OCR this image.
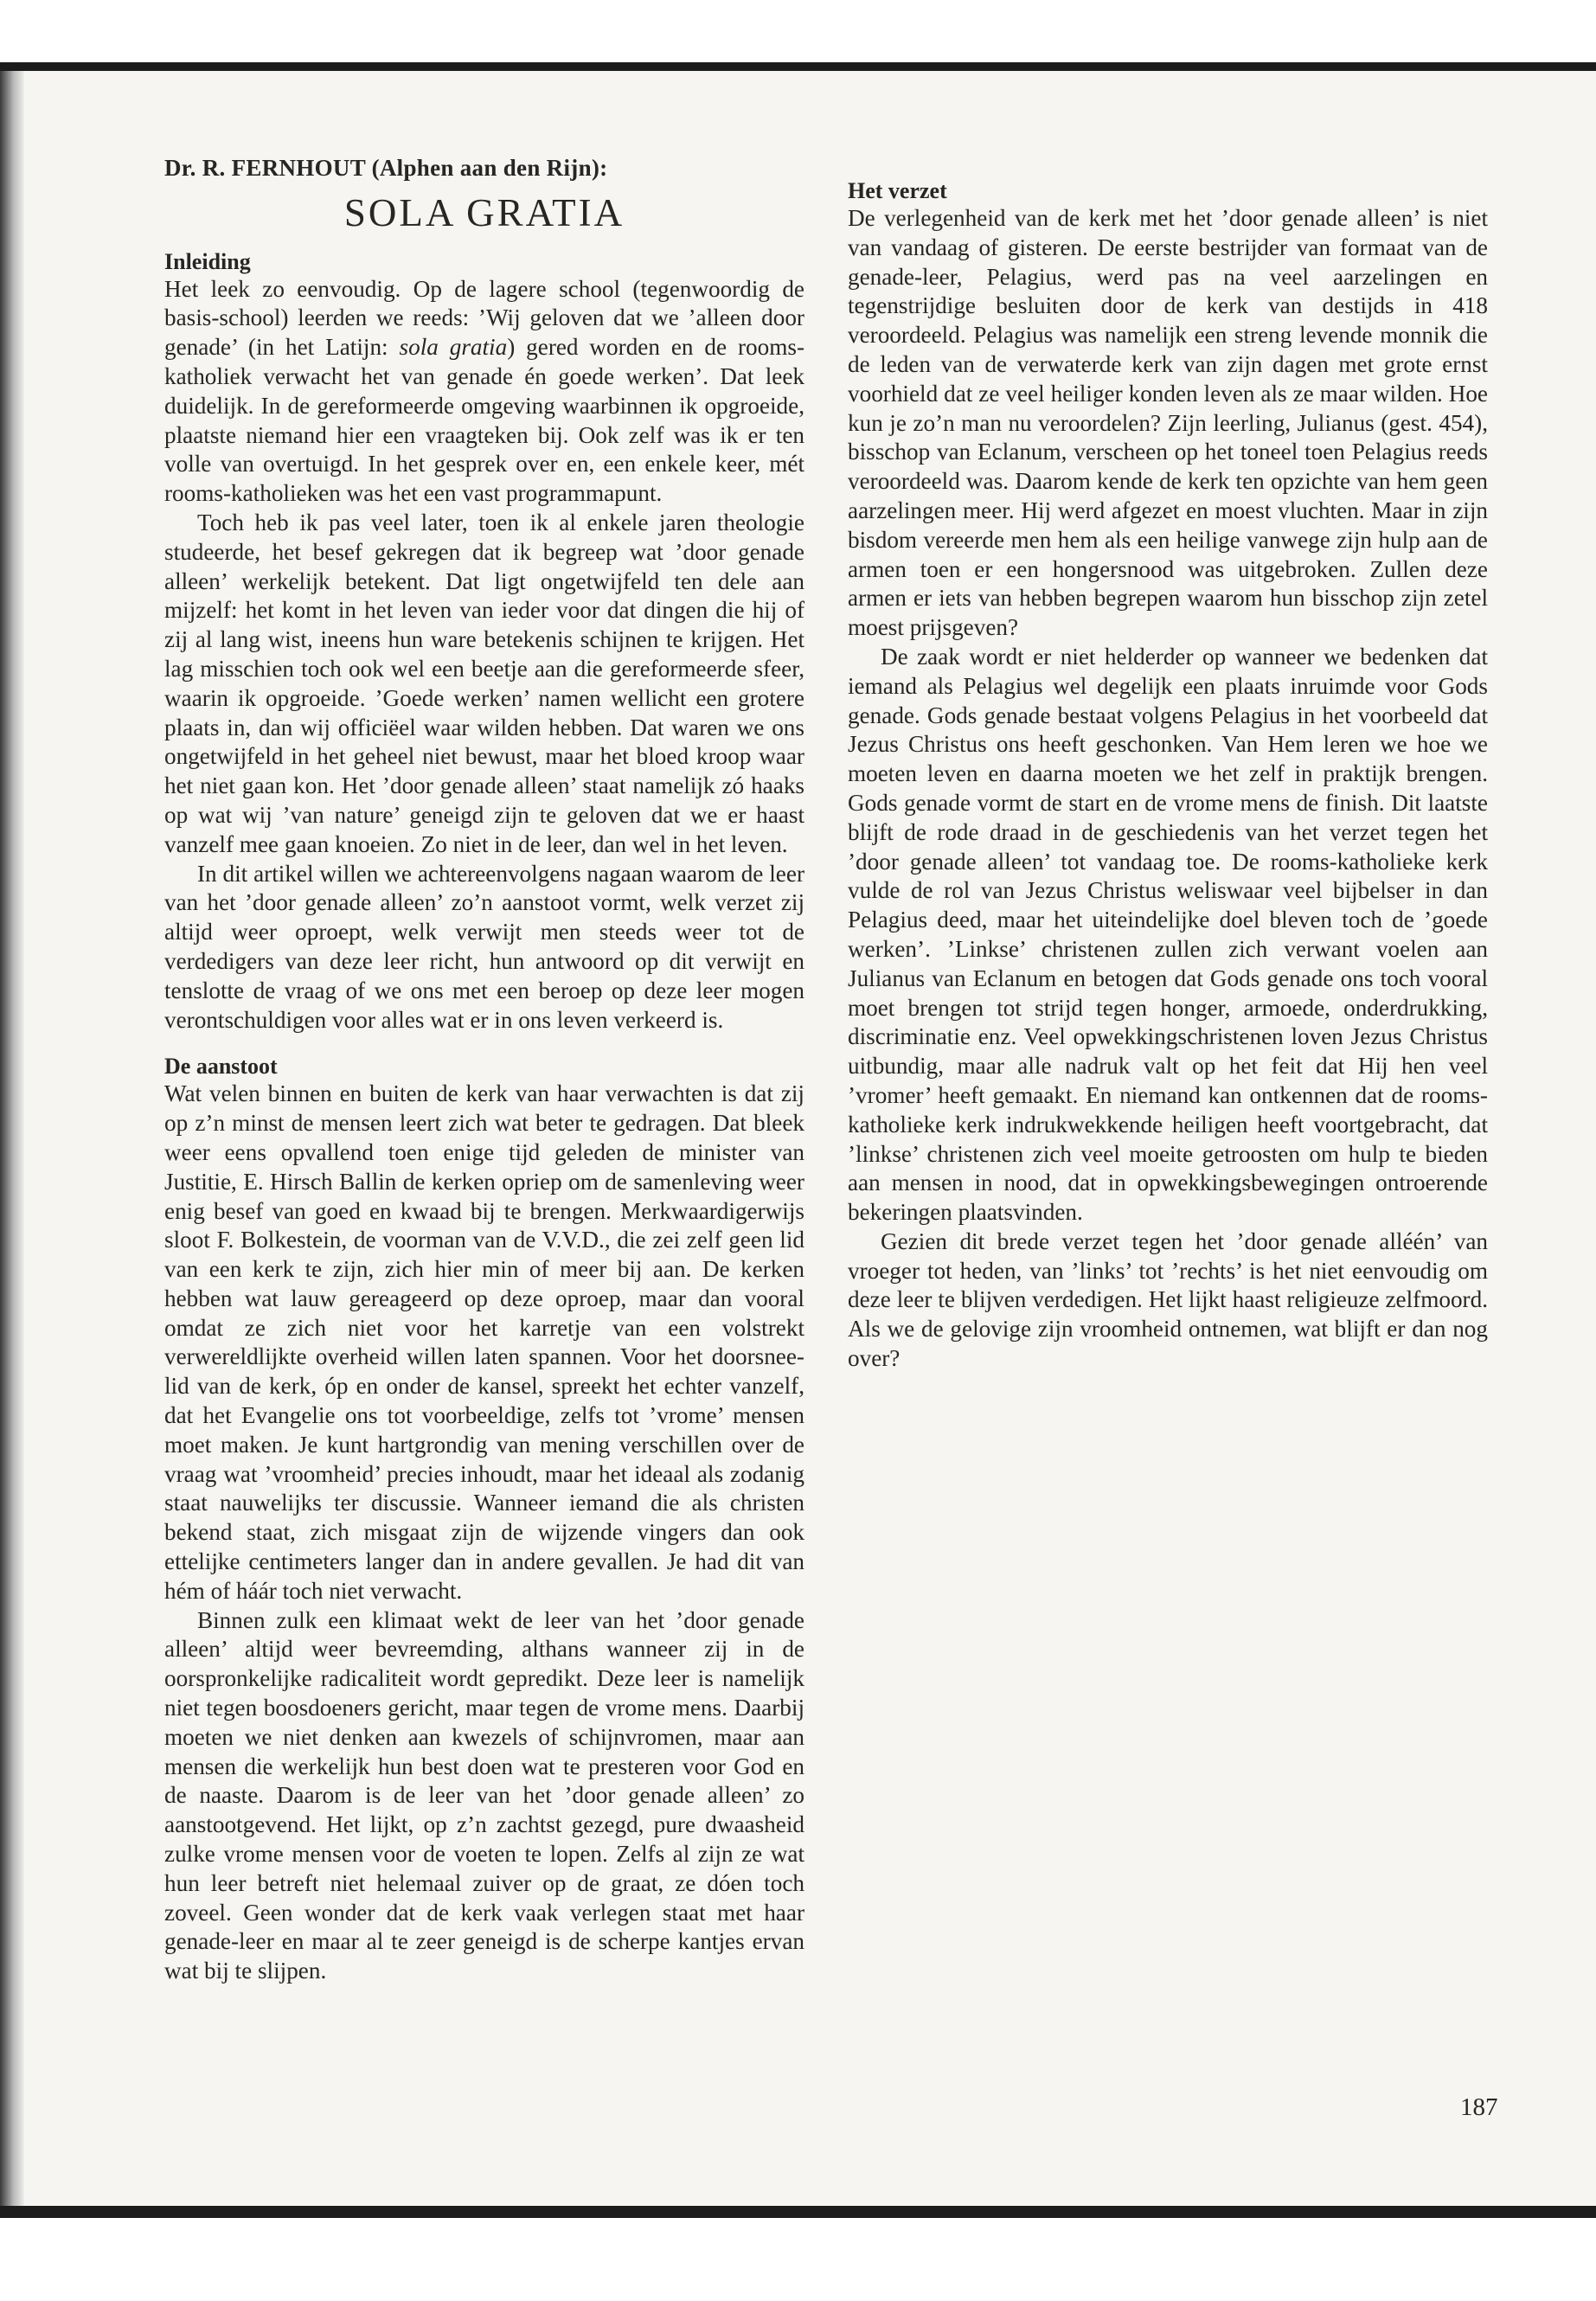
Dr. R. FERNHOUT (Alphen aan den Rijn):
SOLA GRATIA
Inleiding

Het leek zo eenvoudig. Op de lagere school (tegenwoordig de basis-school) leerden we reeds: ’Wij geloven dat we ’alleen door genade’ (in het Latijn: sola gratia) gered worden en de rooms-katholiek verwacht het van genade én goede werken’. Dat leek duidelijk. In de gereformeerde omgeving waarbinnen ik opgroeide, plaatste niemand hier een vraagteken bij. Ook zelf was ik er ten volle van overtuigd. In het gesprek over en, een enkele keer, mét rooms-katholieken was het een vast programmapunt.

Toch heb ik pas veel later, toen ik al enkele jaren theologie studeerde, het besef gekregen dat ik begreep wat ’door genade alleen’ werkelijk betekent. Dat ligt ongetwijfeld ten dele aan mijzelf: het komt in het leven van ieder voor dat dingen die hij of zij al lang wist, ineens hun ware betekenis schijnen te krijgen. Het lag misschien toch ook wel een beetje aan die gereformeerde sfeer, waarin ik opgroeide. ’Goede werken’ namen wellicht een grotere plaats in, dan wij officiëel waar wilden hebben. Dat waren we ons ongetwijfeld in het geheel niet bewust, maar het bloed kroop waar het niet gaan kon. Het ’door genade alleen’ staat namelijk zó haaks op wat wij ’van nature’ geneigd zijn te geloven dat we er haast vanzelf mee gaan knoeien. Zo niet in de leer, dan wel in het leven.

In dit artikel willen we achtereenvolgens nagaan waarom de leer van het ’door genade alleen’ zo’n aanstoot vormt, welk verzet zij altijd weer oproept, welk verwijt men steeds weer tot de verdedigers van deze leer richt, hun antwoord op dit verwijt en tenslotte de vraag of we ons met een beroep op deze leer mogen verontschuldigen voor alles wat er in ons leven verkeerd is.

De aanstoot

Wat velen binnen en buiten de kerk van haar verwachten is dat zij op z’n minst de mensen leert zich wat beter te gedragen. Dat bleek weer eens opvallend toen enige tijd geleden de minister van Justitie, E. Hirsch Ballin de kerken opriep om de samenleving weer enig besef van goed en kwaad bij te brengen. Merkwaardigerwijs sloot F. Bolkestein, de voorman van de V.V.D., die zei zelf geen lid van een kerk te zijn, zich hier min of meer bij aan. De kerken hebben wat lauw gereageerd op deze oproep, maar dan vooral omdat ze zich niet voor het karretje van een volstrekt verwereldlijkte overheid willen laten spannen. Voor het doorsnee-lid van de kerk, óp en onder de kansel, spreekt het echter vanzelf, dat het Evangelie ons tot voorbeeldige, zelfs tot ’vrome’ mensen moet maken. Je kunt hartgrondig van mening verschillen over de vraag wat ’vroomheid’ precies inhoudt, maar het ideaal als zodanig staat nauwelijks ter discussie. Wanneer iemand die als christen bekend staat, zich misgaat zijn de wijzende vingers dan ook ettelijke centimeters langer dan in andere gevallen. Je had dit van hém of háár toch niet verwacht.

Binnen zulk een klimaat wekt de leer van het ’door genade alleen’ altijd weer bevreemding, althans wanneer zij in de oorspronkelijke radicaliteit wordt gepredikt. Deze leer is namelijk niet tegen boosdoeners gericht, maar tegen de vrome mens. Daarbij moeten we niet denken aan kwezels of schijnvromen, maar aan mensen die werkelijk hun best doen wat te presteren voor God en de naaste. Daarom is de leer van het ’door genade alleen’ zo aanstootgevend. Het lijkt, op z’n zachtst gezegd, pure dwaasheid zulke vrome mensen voor de voeten te lopen. Zelfs al zijn ze wat hun leer betreft niet helemaal zuiver op de graat, ze dóen toch zoveel. Geen wonder dat de kerk vaak verlegen staat met haar genade-leer en maar al te zeer geneigd is de scherpe kantjes ervan wat bij te slijpen.

Het verzet

De verlegenheid van de kerk met het ’door genade alleen’ is niet van vandaag of gisteren. De eerste bestrijder van formaat van de genade-leer, Pelagius, werd pas na veel aarzelingen en tegenstrijdige besluiten door de kerk van destijds in 418 veroordeeld. Pelagius was namelijk een streng levende monnik die de leden van de verwaterde kerk van zijn dagen met grote ernst voorhield dat ze veel heiliger konden leven als ze maar wilden. Hoe kun je zo’n man nu veroordelen? Zijn leerling, Julianus (gest. 454), bisschop van Eclanum, verscheen op het toneel toen Pelagius reeds veroordeeld was. Daarom kende de kerk ten opzichte van hem geen aarzelingen meer. Hij werd afgezet en moest vluchten. Maar in zijn bisdom vereerde men hem als een heilige vanwege zijn hulp aan de armen toen er een hongersnood was uitgebroken. Zullen deze armen er iets van hebben begrepen waarom hun bisschop zijn zetel moest prijsgeven?

De zaak wordt er niet helderder op wanneer we bedenken dat iemand als Pelagius wel degelijk een plaats inruimde voor Gods genade. Gods genade bestaat volgens Pelagius in het voorbeeld dat Jezus Christus ons heeft geschonken. Van Hem leren we hoe we moeten leven en daarna moeten we het zelf in praktijk brengen. Gods genade vormt de start en de vrome mens de finish. Dit laatste blijft de rode draad in de geschiedenis van het verzet tegen het ’door genade alleen’ tot vandaag toe. De rooms-katholieke kerk vulde de rol van Jezus Christus weliswaar veel bijbelser in dan Pelagius deed, maar het uiteindelijke doel bleven toch de ’goede werken’. ’Linkse’ christenen zullen zich verwant voelen aan Julianus van Eclanum en betogen dat Gods genade ons toch vooral moet brengen tot strijd tegen honger, armoede, onderdrukking, discriminatie enz. Veel opwekkingschristenen loven Jezus Christus uitbundig, maar alle nadruk valt op het feit dat Hij hen veel ’vromer’ heeft gemaakt. En niemand kan ontkennen dat de rooms-katholieke kerk indrukwekkende heiligen heeft voortgebracht, dat ’linkse’ christenen zich veel moeite getroosten om hulp te bieden aan mensen in nood, dat in opwekkingsbewegingen ontroerende bekeringen plaatsvinden.

Gezien dit brede verzet tegen het ’door genade alléén’ van vroeger tot heden, van ’links’ tot ’rechts’ is het niet eenvoudig om deze leer te blijven verdedigen. Het lijkt haast religieuze zelfmoord. Als we de gelovige zijn vroomheid ontnemen, wat blijft er dan nog over?

187
